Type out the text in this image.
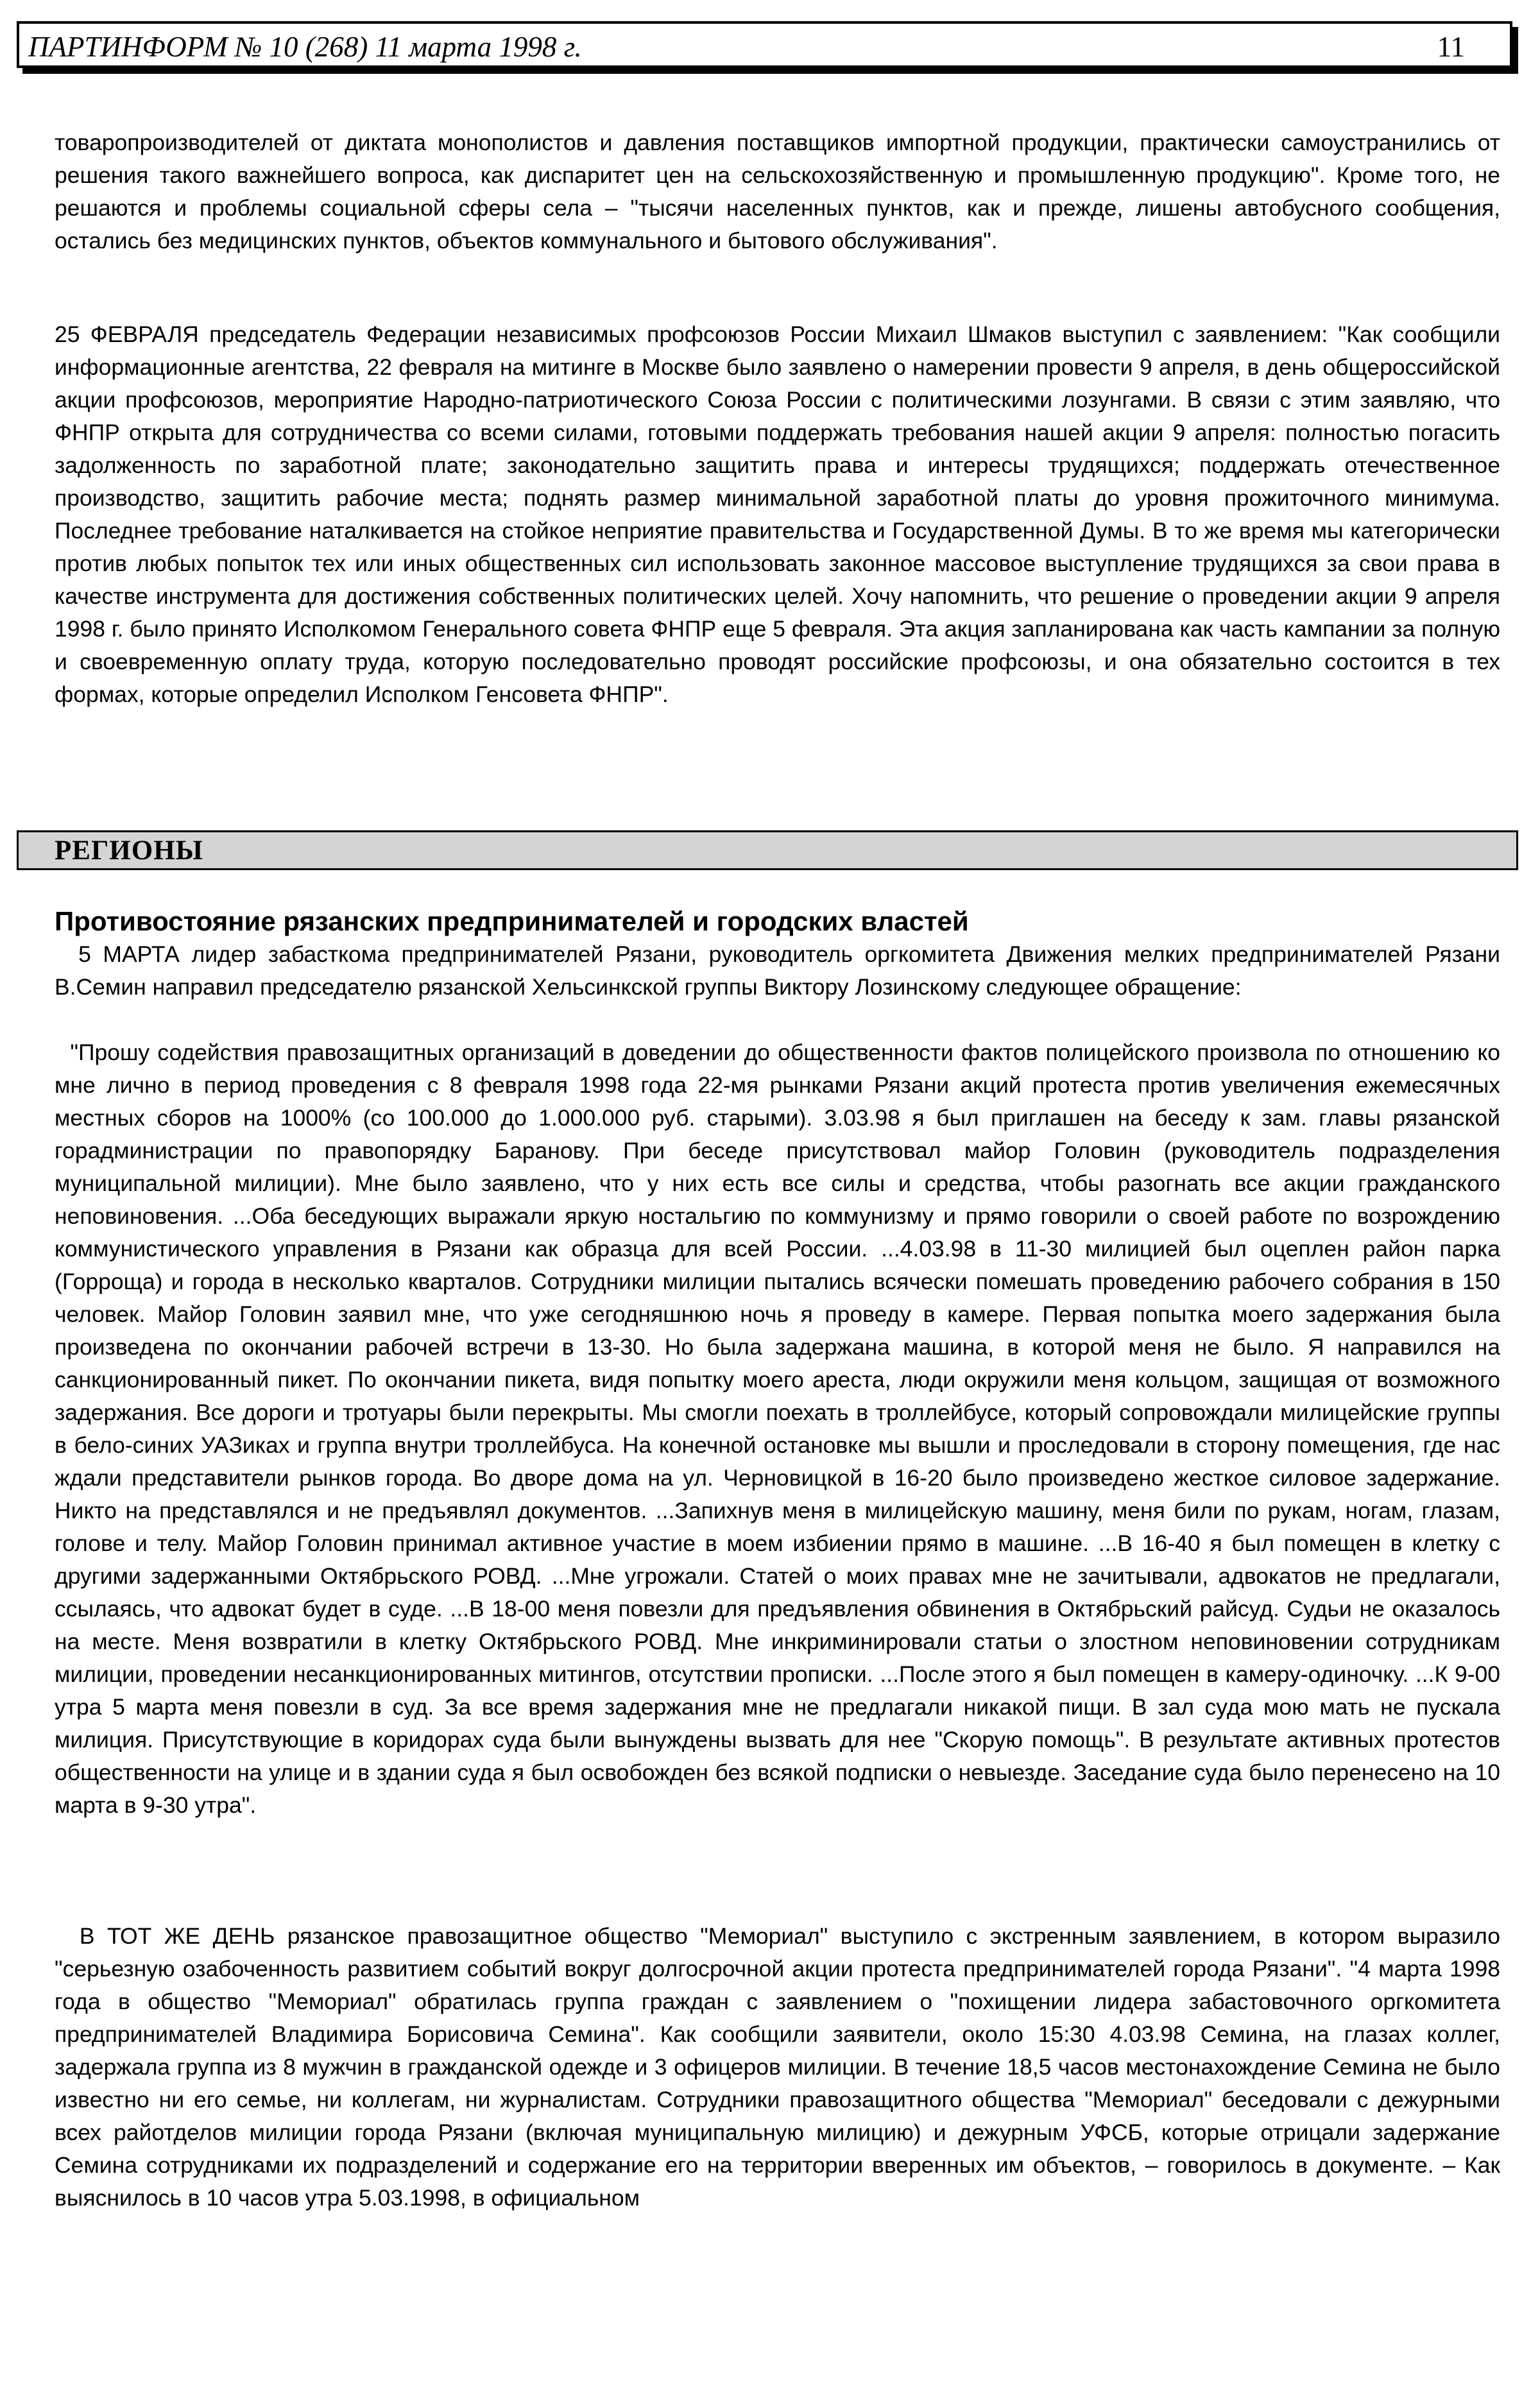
ПАРТИНФОРМ № 10 (268) 11 марта 1998 г.	11

товаропроизводителей от диктата монополистов и давления поставщиков импортной продукции, практически самоустранились от решения такого важнейшего вопроса, как диспаритет цен на сельскохозяйственную и промышленную продукцию". Кроме того, не решаются и проблемы социальной сферы села – "тысячи населенных пунктов, как и прежде, лишены автобусного сообщения, остались без медицинских пунктов, объектов коммунального и бытового обслуживания".

25 ФЕВРАЛЯ председатель Федерации независимых профсоюзов России Михаил Шмаков выступил с заявлением: "Как сообщили информационные агентства, 22 февраля на митинге в Москве было заявлено о намерении провести 9 апреля, в день общероссийской акции профсоюзов, мероприятие Народно-патриотического Союза России с политическими лозунгами. В связи с этим заявляю, что ФНПР открыта для сотрудничества со всеми силами, готовыми поддержать требования нашей акции 9 апреля: полностью погасить задолженность по заработной плате; законодательно защитить права и интересы трудящихся; поддержать отечественное производство, защитить рабочие места; поднять размер минимальной заработной платы до уровня прожиточного минимума. Последнее требование наталкивается на стойкое неприятие правительства и Государственной Думы. В то же время мы категорически против любых попыток тех или иных общественных сил использовать законное массовое выступление трудящихся за свои права в качестве инструмента для достижения собственных политических целей. Хочу напомнить, что решение о проведении акции 9 апреля 1998 г. было принято Исполкомом Генерального совета ФНПР еще 5 февраля. Эта акция запланирована как часть кампании за полную и своевременную оплату труда, которую последовательно проводят российские профсоюзы, и она обязательно состоится в тех формах, которые определил Исполком Генсовета ФНПР".

РЕГИОНЫ
Противостояние рязанских предпринимателей и городских властей

5 МАРТА лидер забасткома предпринимателей Рязани, руководитель оргкомитета Движения мелких предпринимателей Рязани В.Семин направил председателю рязанской Хельсинкской группы Виктору Лозинскому следующее обращение:

"Прошу содействия правозащитных организаций в доведении до общественности фактов полицейского произвола по отношению ко мне лично в период проведения с 8 февраля 1998 года 22-мя рынками Рязани акций протеста против увеличения ежемесячных местных сборов на 1000% (со 100.000 до 1.000.000 руб. старыми). 3.03.98 я был приглашен на беседу к зам. главы рязанской горадминистрации по правопорядку Баранову. При беседе присутствовал майор Головин (руководитель подразделения муниципальной милиции). Мне было заявлено, что у них есть все силы и средства, чтобы разогнать все акции гражданского неповиновения. ...Оба беседующих выражали яркую ностальгию по коммунизму и прямо говорили о своей работе по возрождению коммунистического управления в Рязани как образца для всей России. ...4.03.98 в 11-30 милицией был оцеплен район парка (Горроща) и города в несколько кварталов. Сотрудники милиции пытались всячески помешать проведению рабочего собрания в 150 человек. Майор Головин заявил мне, что уже сегодняшнюю ночь я проведу в камере. Первая попытка моего задержания была произведена по окончании рабочей встречи в 13-30. Но была задержана машина, в которой меня не было. Я направился на санкционированный пикет. По окончании пикета, видя попытку моего ареста, люди окружили меня кольцом, защищая от возможного задержания. Все дороги и тротуары были перекрыты. Мы смогли поехать в троллейбусе, который сопровождали милицейские группы в бело-синих УАЗиках и группа внутри троллейбуса. На конечной остановке мы вышли и проследовали в сторону помещения, где нас ждали представители рынков города. Во дворе дома на ул. Черновицкой в 16-20 было произведено жесткое силовое задержание. Никто на представлялся и не предъявлял документов. ...Запихнув меня в милицейскую машину, меня били по рукам, ногам, глазам, голове и телу. Майор Головин принимал активное участие в моем избиении прямо в машине. ...В 16-40 я был помещен в клетку с другими задержанными Октябрьского РОВД. ...Мне угрожали. Статей о моих правах мне не зачитывали, адвокатов не предлагали, ссылаясь, что адвокат будет в суде. ...В 18-00 меня повезли для предъявления обвинения в Октябрьский райсуд. Судьи не оказалось на месте. Меня возвратили в клетку Октябрьского РОВД. Мне инкриминировали статьи о злостном неповиновении сотрудникам милиции, проведении несанкционированных митингов, отсутствии прописки. ...После этого я был помещен в камеру-одиночку. ...К 9-00 утра 5 марта меня повезли в суд. За все время задержания мне не предлагали никакой пищи. В зал суда мою мать не пускала милиция. Присутствующие в коридорах суда были вынуждены вызвать для нее "Скорую помощь". В результате активных протестов общественности на улице и в здании суда я был освобожден без всякой подписки о невыезде. Заседание суда было перенесено на 10 марта в 9-30 утра".

В ТОТ ЖЕ ДЕНЬ рязанское правозащитное общество "Мемориал" выступило с экстренным заявлением, в котором выразило "серьезную озабоченность развитием событий вокруг долгосрочной акции протеста предпринимателей города Рязани". "4 марта 1998 года в общество "Мемориал" обратилась группа граждан с заявлением о "похищении лидера забастовочного оргкомитета предпринимателей Владимира Борисовича Семина". Как сообщили заявители, около 15:30 4.03.98 Семина, на глазах коллег, задержала группа из 8 мужчин в гражданской одежде и 3 офицеров милиции. В течение 18,5 часов местонахождение Семина не было известно ни его семье, ни коллегам, ни журналистам. Сотрудники правозащитного общества "Мемориал" беседовали с дежурными всех райотделов милиции города Рязани (включая муниципальную милицию) и дежурным УФСБ, которые отрицали задержание Семина сотрудниками их подразделений и содержание его на территории вверенных им объектов, – говорилось в документе. – Как выяснилось в 10 часов утра 5.03.1998, в официальном
